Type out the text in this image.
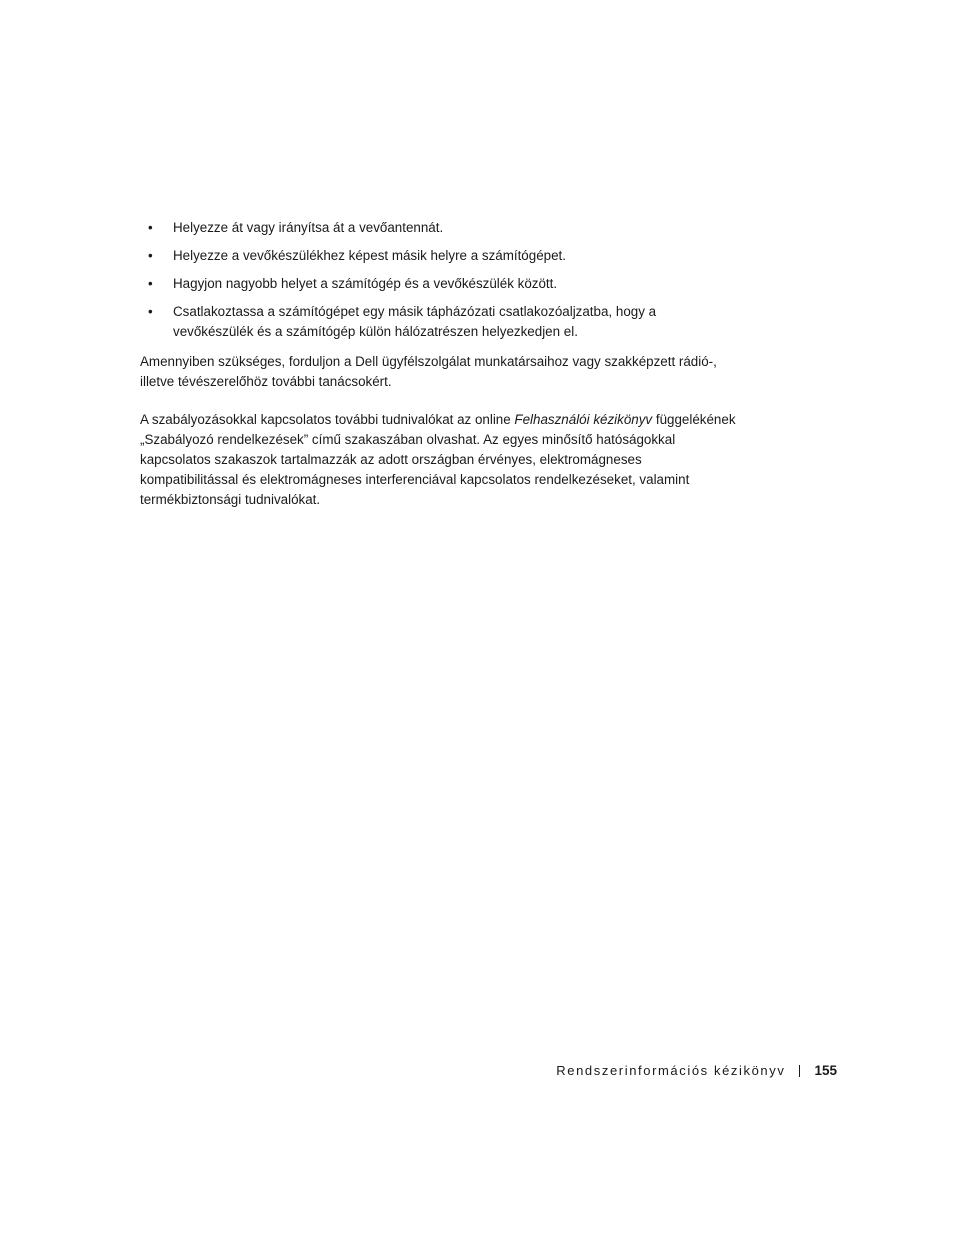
• Helyezze át vagy irányítsa át a vevőantennát.
• Helyezze a vevőkészülékhez képest másik helyre a számítógépet.
• Hagyjon nagyobb helyet a számítógép és a vevőkészülék között.
• Csatlakoztassa a számítógépet egy másik tápházózati csatlakozóaljzatba, hogy a vevőkészülék és a számítógép külön hálózatrészen helyezkedjen el.

Amennyiben szükséges, forduljon a Dell ügyfélszolgálat munkatársaihoz vagy szakképzett rádió-, illetve tévészerelőhöz további tanácsokért.

A szabályozásokkal kapcsolatos további tudnivalókat az online Felhasználói kézikönyv függelékének „Szabályozó rendelkezések” című szakaszában olvashat. Az egyes minősítő hatóságokkal kapcsolatos szakaszok tartalmazzák az adott országban érvényes, elektromágneses kompatibilitással és elektromágneses interferenciával kapcsolatos rendelkezéseket, valamint termékbiztonsági tudnivalókat.

Rendszerinformációs kézikönyv 155
